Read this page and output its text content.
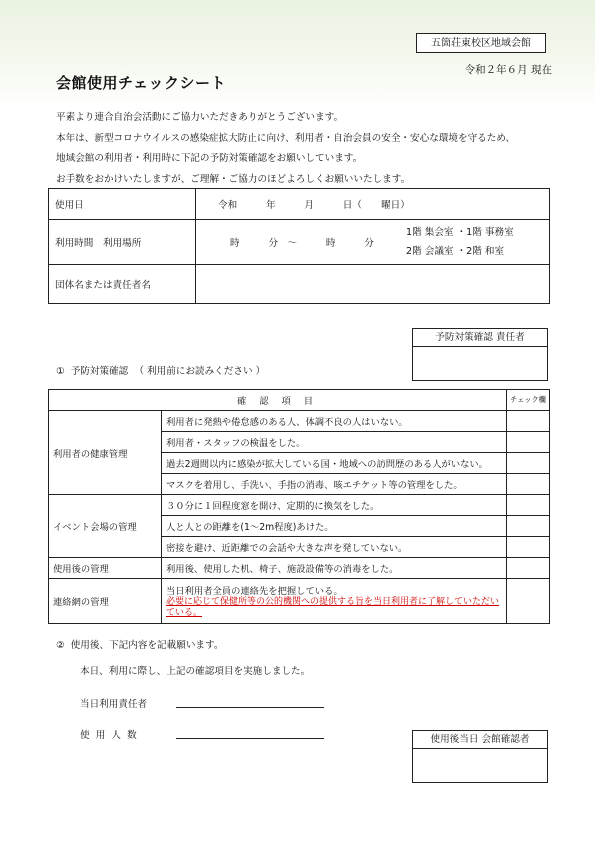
五箇荘東校区地域会館
令和２年６月 現在
会館使用チェックシート
平素より連合自治会活動にご協力いただきありがとうございます。
本年は、新型コロナウイルスの感染症拡大防止に向け、利用者・自治会員の安全・安心な環境を守るため、
地域会館の利用者・利用時に下記の予防対策確認をお願いしています。
お手数をおかけいたしますが、ご理解・ご協力のほどよろしくお願いいたします。
使用日	令和　　　年　　　月　　　日（　　曜日）
利用時間　利用場所	時　　　分　～　　　時　　　分
1階 集会室 ・1階 事務室
2階 会議室 ・2階 和室

団体名または責任者名	
予防対策確認 責任者
①  予防対策確認  （ 利用前にお読みください ）
確 認 項 目		チェック欄
利用者の健康管理	利用者に発熱や倦怠感のある人、体調不良の人はいない。	
	利用者・スタッフの検温をした。	
	過去2週間以内に感染が拡大している国・地域への訪問歴のある人がいない。	
	マスクを着用し、手洗い、手指の消毒、咳エチケット等の管理をした。	
イベント会場の管理	３０分に１回程度窓を開け、定期的に換気をした。	
	人と人との距離を(1～2m程度)あけた。	
	密接を避け、近距離での会話や大きな声を発していない。	
使用後の管理	利用後、使用した机、椅子、施設設備等の消毒をした。	
連絡網の管理	当日利用者全員の連絡先を把握している。
必要に応じて保健所等の公的機関への提供する旨を当日利用者に了解していただいている。	

②  使用後、下記内容を記載願います。
本日、利用に際し、上記の確認項目を実施しました。
当日利用責任者
使  用  人  数	使用後当日 会館確認者
